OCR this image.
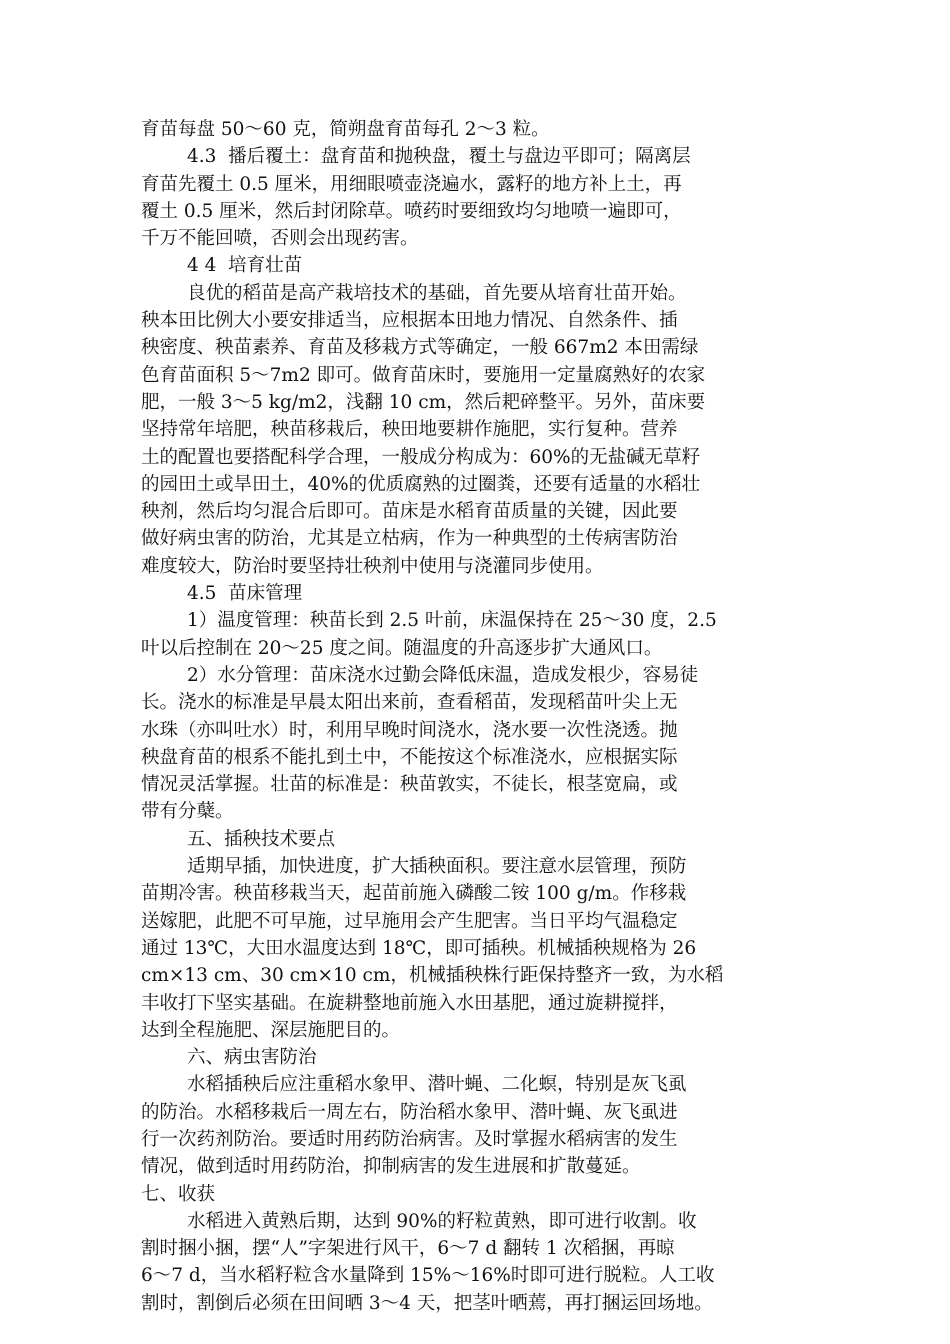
育苗每盘 50～60 克，简朔盘育苗每孔 2～3 粒。
4.3  播后覆土：盘育苗和抛秧盘，覆土与盘边平即可；隔离层
育苗先覆土 0.5 厘米，用细眼喷壶浇遍水，露籽的地方补上土，再
覆土 0.5 厘米，然后封闭除草。喷药时要细致均匀地喷一遍即可，
千万不能回喷，否则会出现药害。
4 4  培育壮苗
良优的稻苗是高产栽培技术的基础，首先要从培育壮苗开始。
秧本田比例大小要安排适当，应根据本田地力情况、自然条件、插
秧密度、秧苗素养、育苗及移栽方式等确定，一般 667m2 本田需绿
色育苗面积 5～7m2 即可。做育苗床时，要施用一定量腐熟好的农家
肥，一般 3～5 kg/m2，浅翻 10 cm，然后耙碎整平。另外，苗床要
坚持常年培肥，秧苗移栽后，秧田地要耕作施肥，实行复种。营养
土的配置也要搭配科学合理，一般成分构成为：60%的无盐碱无草籽
的园田土或旱田土，40%的优质腐熟的过圈粪，还要有适量的水稻壮
秧剂，然后均匀混合后即可。苗床是水稻育苗质量的关键，因此要
做好病虫害的防治，尤其是立枯病，作为一种典型的土传病害防治
难度较大，防治时要坚持壮秧剂中使用与浇灌同步使用。
4.5  苗床管理
1）温度管理：秧苗长到 2.5 叶前，床温保持在 25～30 度，2.5
叶以后控制在 20～25 度之间。随温度的升高逐步扩大通风口。
2）水分管理：苗床浇水过勤会降低床温，造成发根少，容易徒
长。浇水的标准是早晨太阳出来前，查看稻苗，发现稻苗叶尖上无
水珠（亦叫吐水）时，利用早晚时间浇水，浇水要一次性浇透。抛
秧盘育苗的根系不能扎到土中，不能按这个标准浇水，应根据实际
情况灵活掌握。壮苗的标准是：秧苗敦实，不徒长，根茎宽扁，或
带有分蘖。
五、插秧技术要点
适期早插，加快进度，扩大插秧面积。要注意水层管理，预防
苗期冷害。秧苗移栽当天，起苗前施入磷酸二铵 100 g/m。作移栽
送嫁肥，此肥不可早施，过早施用会产生肥害。当日平均气温稳定
通过 13℃，大田水温度达到 18℃，即可插秧。机械插秧规格为 26
cm×13 cm、30 cm×10 cm，机械插秧株行距保持整齐一致，为水稻
丰收打下坚实基础。在旋耕整地前施入水田基肥，通过旋耕搅拌，
达到全程施肥、深层施肥目的。
六、病虫害防治
水稻插秧后应注重稻水象甲、潜叶蝇、二化螟，特别是灰飞虱
的防治。水稻移栽后一周左右，防治稻水象甲、潜叶蝇、灰飞虱进
行一次药剂防治。要适时用药防治病害。及时掌握水稻病害的发生
情况，做到适时用药防治，抑制病害的发生进展和扩散蔓延。
七、收获
水稻进入黄熟后期，达到 90%的籽粒黄熟，即可进行收割。收
割时捆小捆，摆“人”字架进行风干，6～7 d 翻转 1 次稻捆，再晾
6～7 d，当水稻籽粒含水量降到 15%～16%时即可进行脱粒。人工收
割时，割倒后必须在田间晒 3～4 天，把茎叶晒蔫，再打捆运回场地。
